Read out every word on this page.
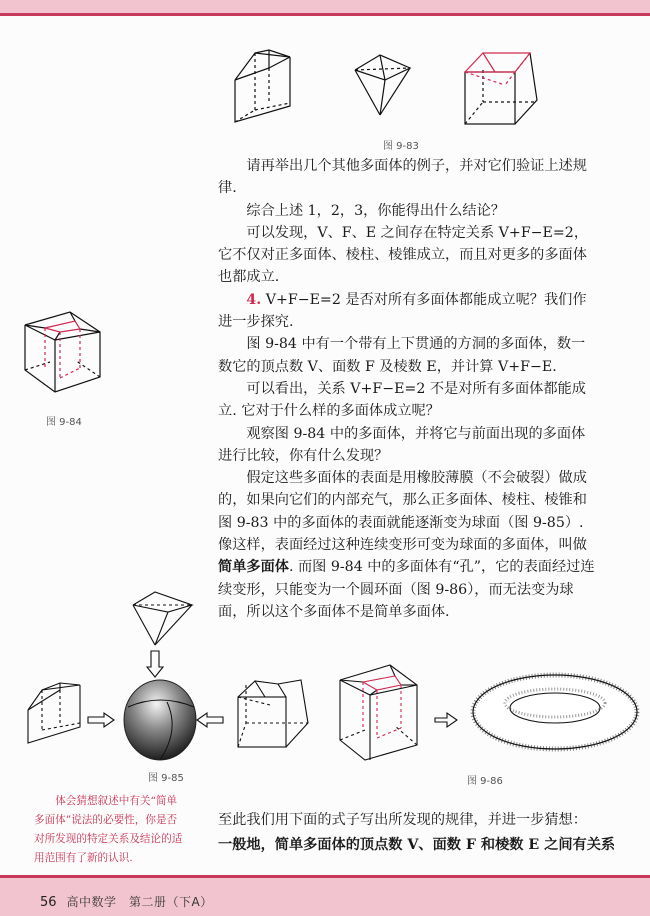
图 9-83
图 9-84

请再举出几个其他多面体的例子，并对它们验证上述规律.

综合上述 1，2，3，你能得出什么结论？

可以发现，V、F、E 之间存在特定关系 V+F−E=2，它不仅对正多面体、棱柱、棱锥成立，而且对更多的多面体也都成立.

4. V+F−E=2 是否对所有多面体都能成立呢？我们作进一步探究.

图 9-84 中有一个带有上下贯通的方洞的多面体，数一数它的顶点数 V、面数 F 及棱数 E，并计算 V+F−E.

可以看出，关系 V+F−E=2 不是对所有多面体都能成立. 它对于什么样的多面体成立呢？

观察图 9-84 中的多面体，并将它与前面出现的多面体进行比较，你有什么发现？

假定这些多面体的表面是用橡胶薄膜（不会破裂）做成的，如果向它们的内部充气，那么正多面体、棱柱、棱锥和图 9-83 中的多面体的表面就能逐渐变为球面（图 9-85）. 像这样，表面经过这种连续变形可变为球面的多面体，叫做简单多面体. 而图 9-84 中的多面体有“孔”，它的表面经过连续变形，只能变为一个圆环面（图 9-86），而无法变为球面，所以这个多面体不是简单多面体.

图 9-85	图 9-86
体会猜想叙述中有关“简单多面体”说法的必要性，你是否对所发现的特定关系及结论的适用范围有了新的认识.

至此我们用下面的式子写出所发现的规律，并进一步猜想：

一般地，简单多面体的顶点数 V、面数 F 和棱数 E 之间有关系

56 高中数学　第二册（下A）
